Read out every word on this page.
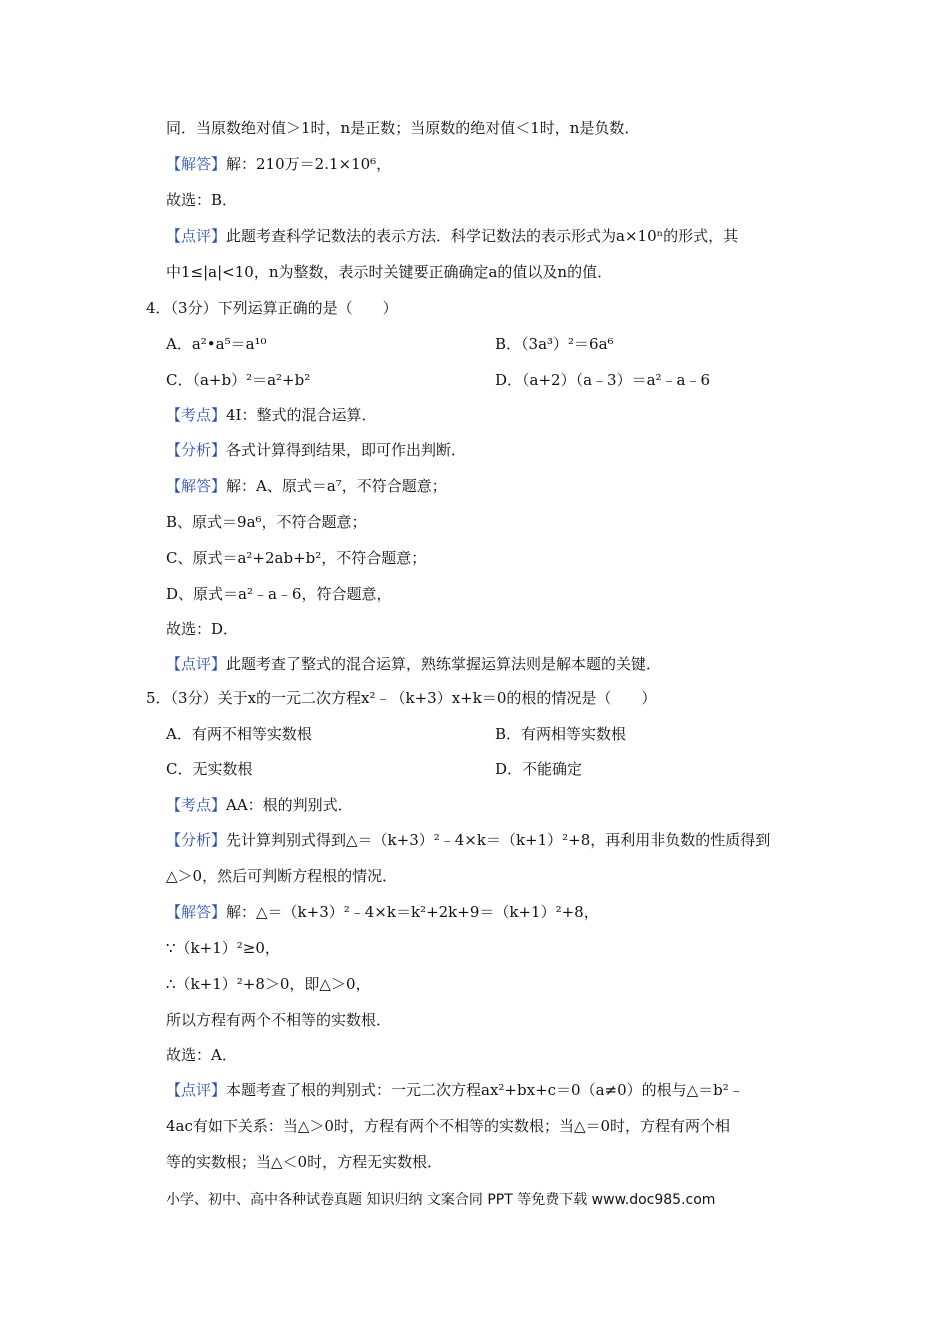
同．当原数绝对值＞1时，n是正数；当原数的绝对值＜1时，n是负数．
【解答】解：210万＝2.1×10⁶，
故选：B．
【点评】此题考查科学记数法的表示方法．科学记数法的表示形式为a×10ⁿ的形式，其
中1≤|a|<10，n为整数，表示时关键要正确确定a的值以及n的值．
4．（3分）下列运算正确的是（　　）
A．a²•a⁵＝a¹⁰	B．（3a³）²＝6a⁶
C．（a+b）²＝a²+b²	D．（a+2）（a﹣3）＝a²﹣a﹣6
【考点】4I：整式的混合运算．
【分析】各式计算得到结果，即可作出判断．
【解答】解：A、原式＝a⁷，不符合题意；
B、原式＝9a⁶，不符合题意；
C、原式＝a²+2ab+b²，不符合题意；
D、原式＝a²﹣a﹣6，符合题意，
故选：D．
【点评】此题考查了整式的混合运算，熟练掌握运算法则是解本题的关键．
5．（3分）关于x的一元二次方程x²﹣（k+3）x+k＝0的根的情况是（　　）
A．有两不相等实数根	B．有两相等实数根
C．无实数根	D．不能确定
【考点】AA：根的判别式．
【分析】先计算判别式得到△＝（k+3）²﹣4×k＝（k+1）²+8，再利用非负数的性质得到
△＞0，然后可判断方程根的情况．
【解答】解：△＝（k+3）²﹣4×k＝k²+2k+9＝（k+1）²+8，
∵（k+1）²≥0，
∴（k+1）²+8＞0，即△＞0，
所以方程有两个不相等的实数根．
故选：A．
【点评】本题考查了根的判别式：一元二次方程ax²+bx+c＝0（a≠0）的根与△＝b²﹣
4ac有如下关系：当△＞0时，方程有两个不相等的实数根；当△＝0时，方程有两个相
等的实数根；当△＜0时，方程无实数根．
小学、初中、高中各种试卷真题 知识归纳 文案合同 PPT 等免费下载 www.doc985.com
